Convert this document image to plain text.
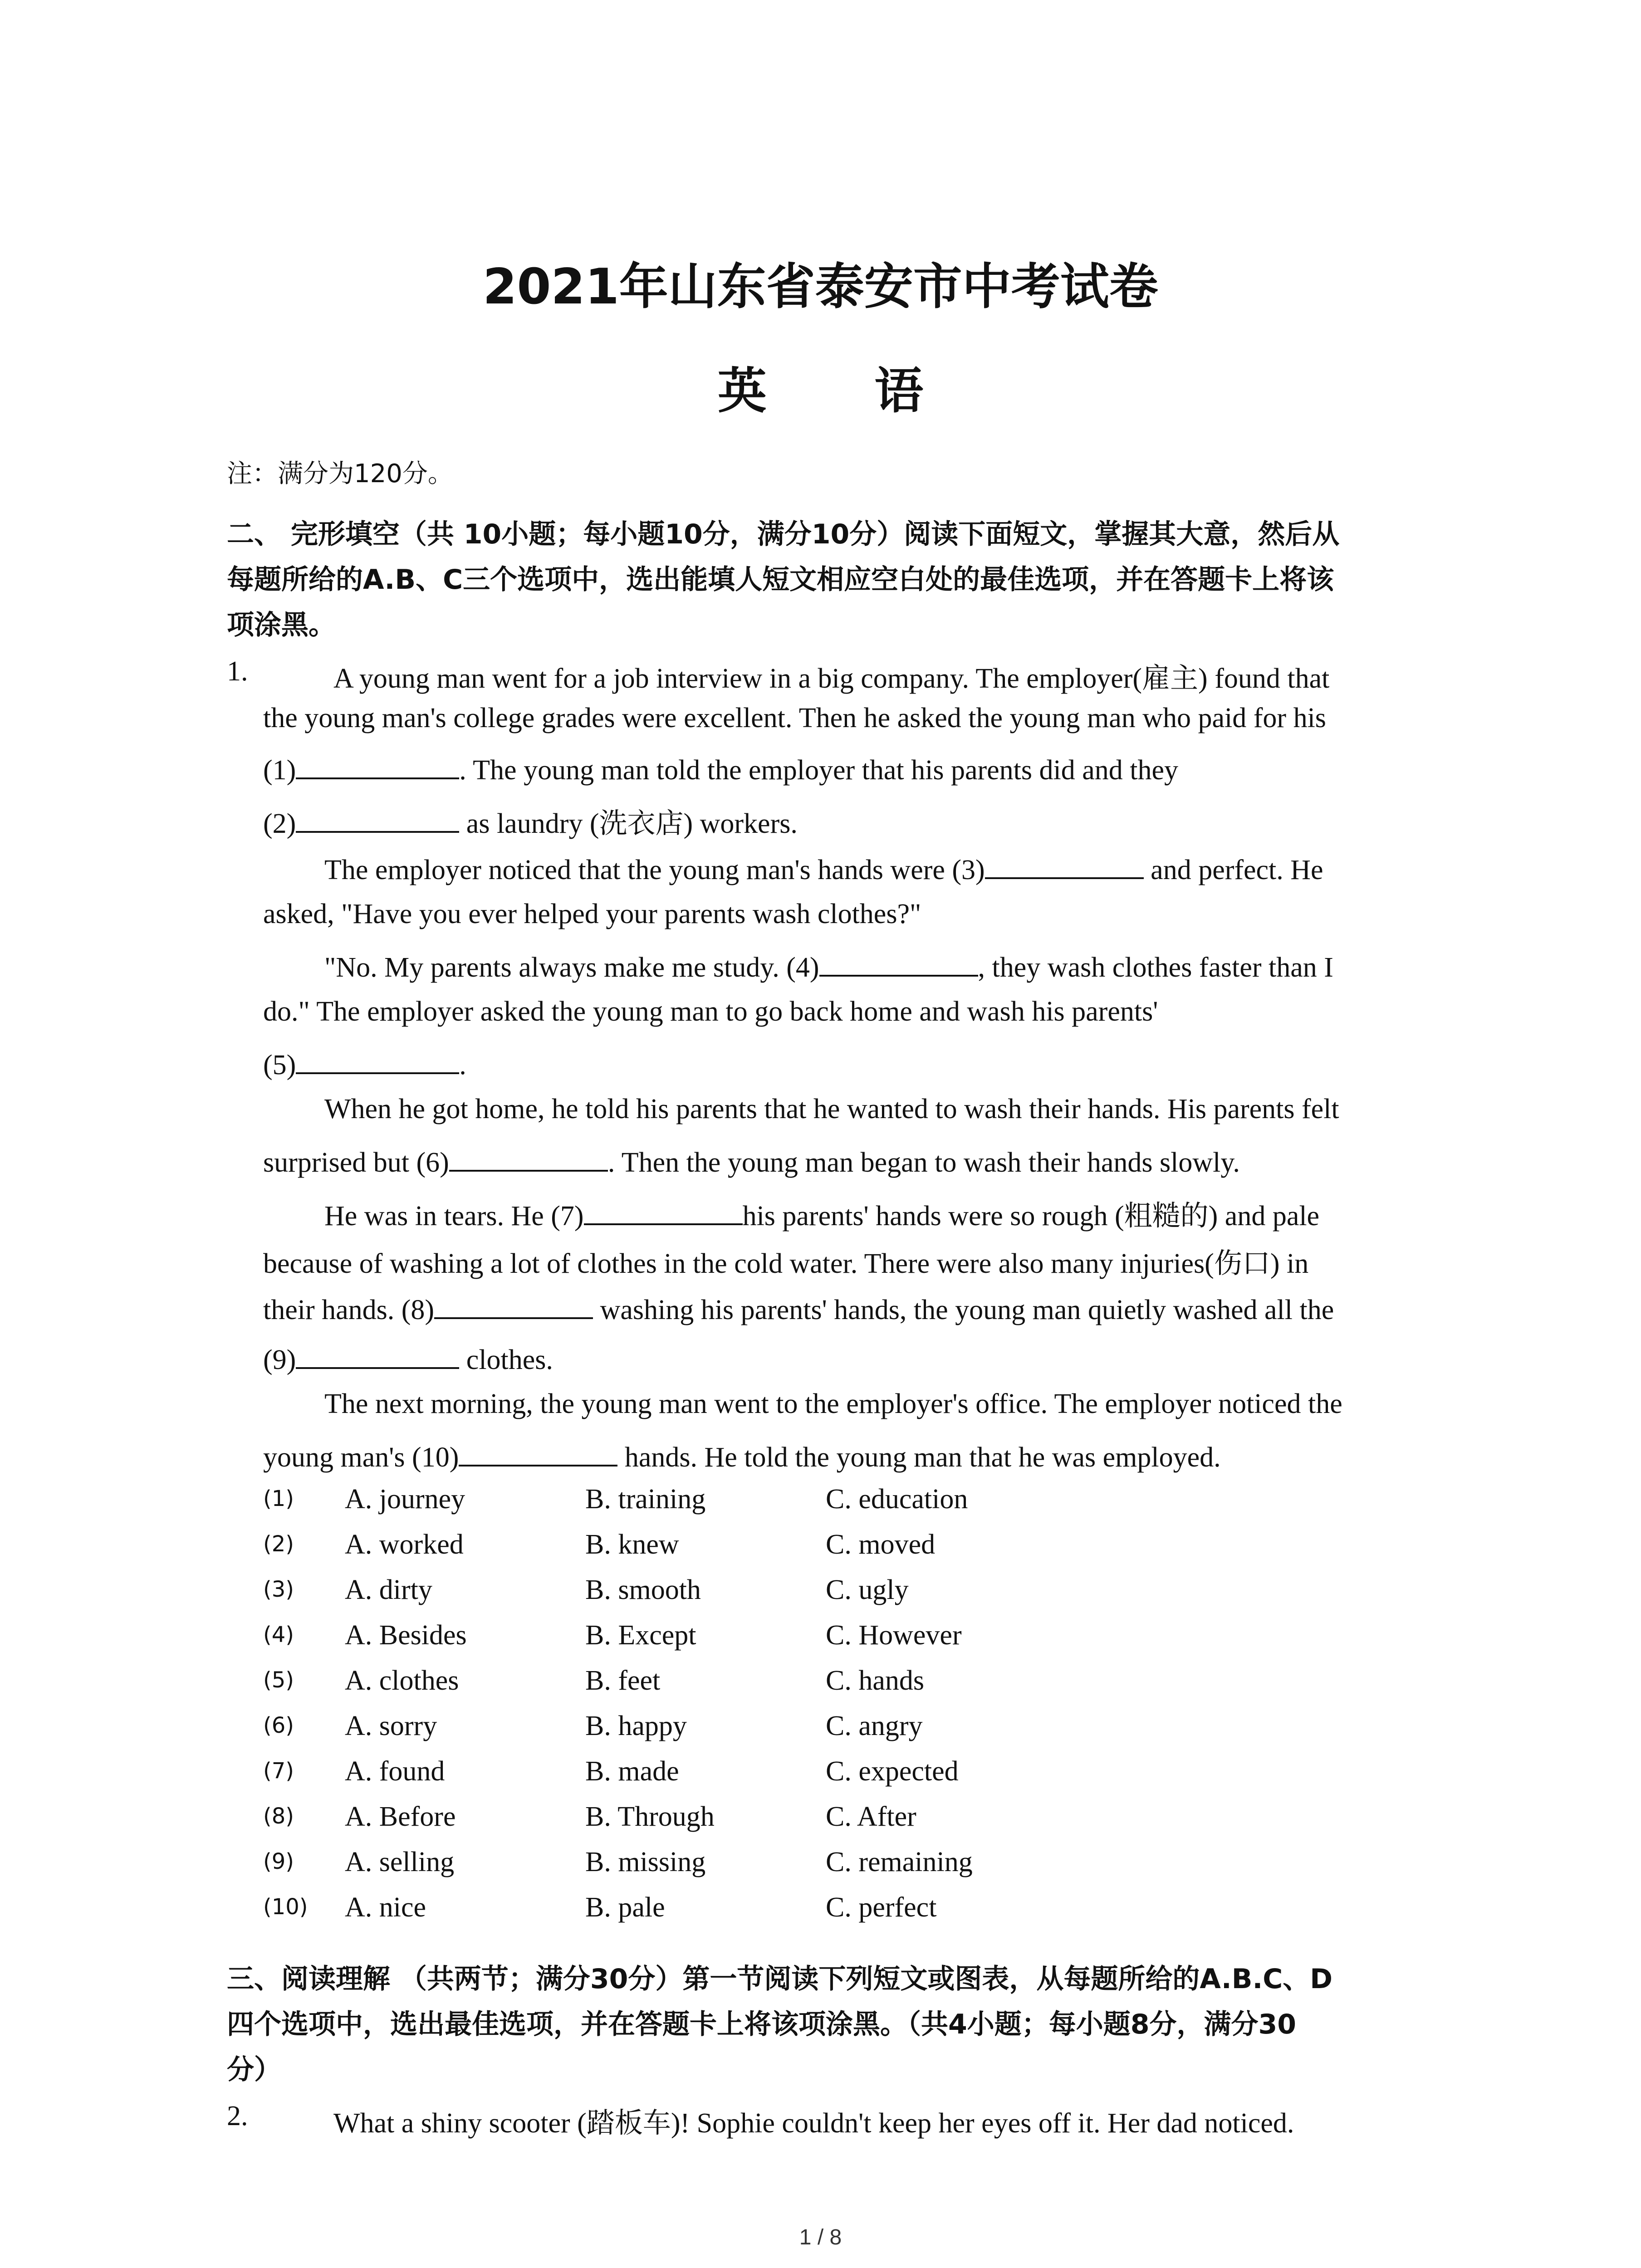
2021年山东省泰安市中考试卷
英 语
注：满分为120分。
二、 完形填空（共 10小题；每小题10分，满分10分）阅读下面短文，掌握其大意，然后从
每题所给的A.B、C三个选项中，选出能填人短文相应空白处的最佳选项，并在答题卡上将该
项涂黑。
1.	A young man went for a job interview in a big company. The employer(雇主) found that
the young man's college grades were excellent. Then he asked the young man who paid for his
(1)	. The young man told the employer that his parents did and they
(2)	as laundry (洗衣店) workers.
The employer noticed that the young man's hands were (3)	and perfect. He
asked, "Have you ever helped your parents wash clothes?"
"No. My parents always make me study. (4)	, they wash clothes faster than I
do." The employer asked the young man to go back home and wash his parents'
(5)	.
When he got home, he told his parents that he wanted to wash their hands. His parents felt
surprised but (6)	. Then the young man began to wash their hands slowly.
He was in tears. He (7)	his parents' hands were so rough (粗糙的) and pale
because of washing a lot of clothes in the cold water. There were also many injuries(伤口) in
their hands. (8)	washing his parents' hands, the young man quietly washed all the
(9)	clothes.
The next morning, the young man went to the employer's office. The employer noticed the
young man's (10)	hands. He told the young man that he was employed.
(1) A. journey	B. training	C. education
(2) A. worked	B. knew	C. moved
(3) A. dirty	B. smooth	C. ugly
(4) A. Besides	B. Except	C. However
(5) A. clothes	B. feet	C. hands
(6) A. sorry	B. happy	C. angry
(7) A. found	B. made	C. expected
(8) A. Before	B. Through	C. After
(9) A. selling	B. missing	C. remaining
(10) A. nice	B. pale	C. perfect
三、阅读理解 （共两节；满分30分）第一节阅读下列短文或图表，从每题所给的A.B.C、D
四个选项中，选出最佳选项，并在答题卡上将该项涂黑。（共4小题；每小题8分，满分30
分）
2.	What a shiny scooter (踏板车)! Sophie couldn't keep her eyes off it. Her dad noticed.
1 / 8
